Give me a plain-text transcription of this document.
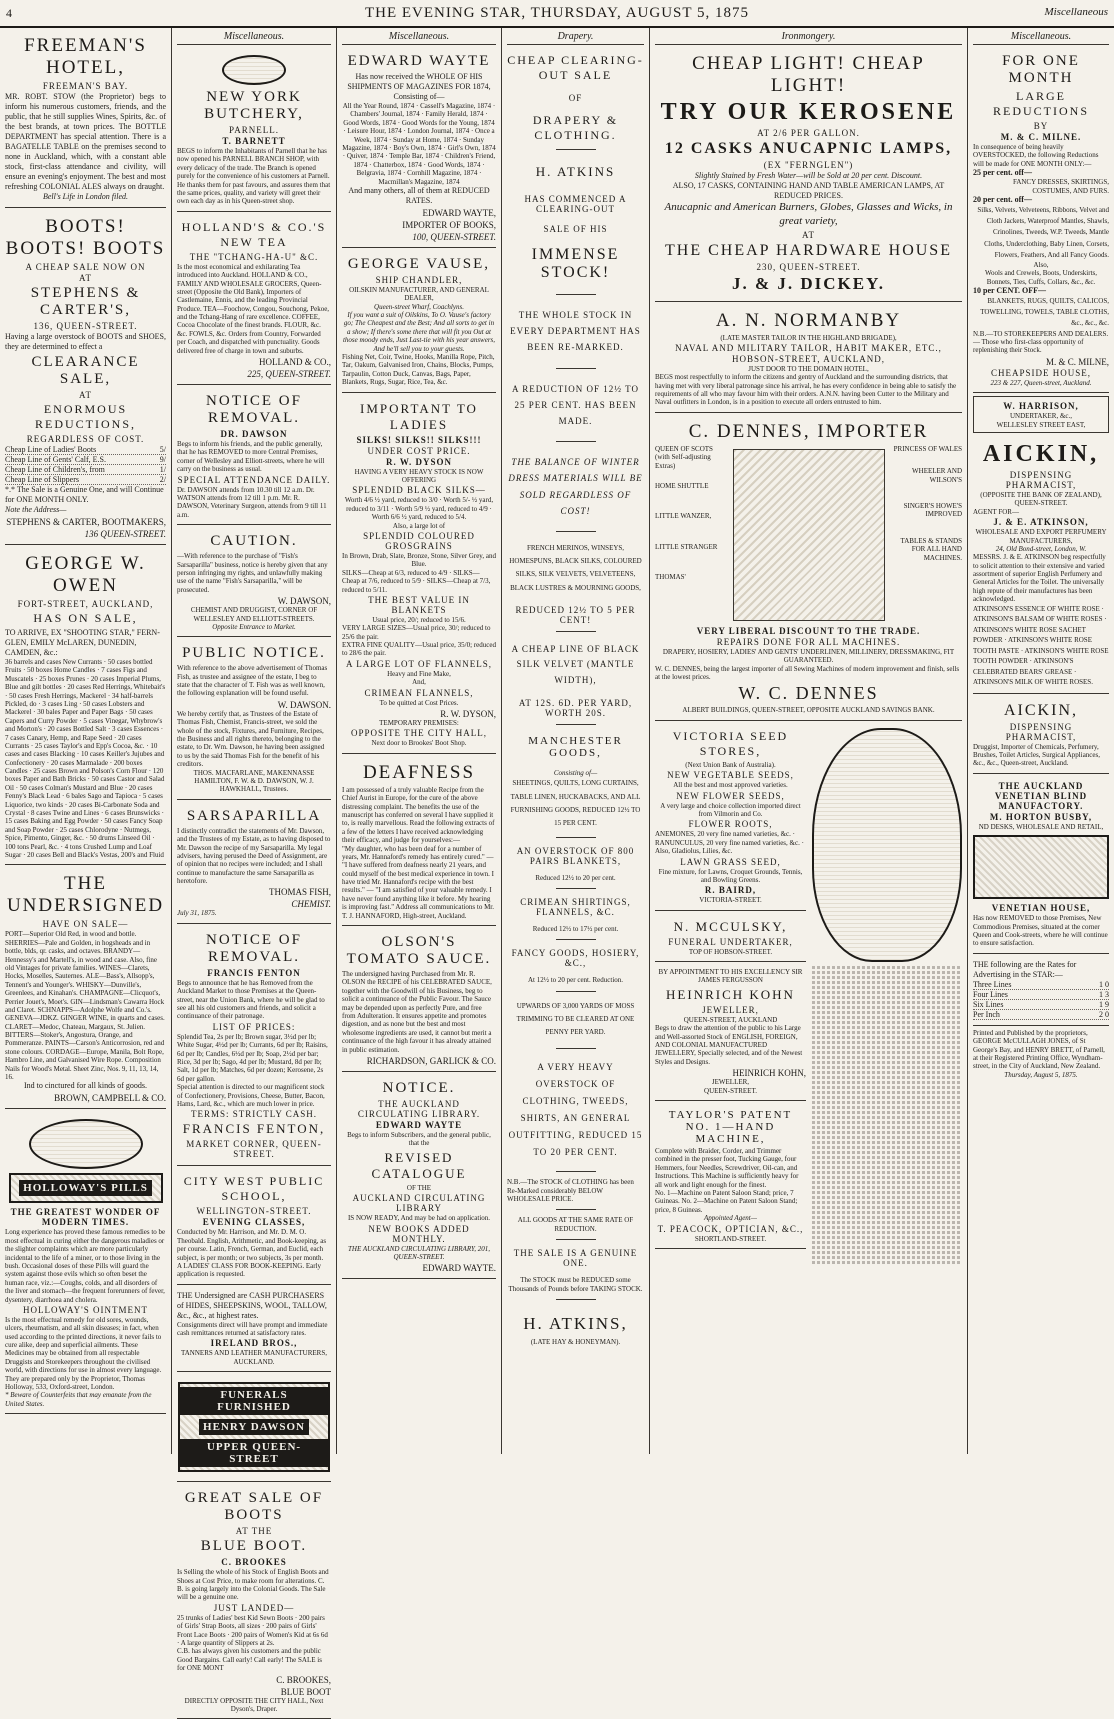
4	THE EVENING STAR, THURSDAY, AUGUST 5, 1875	Miscellaneous
FREEMAN'S HOTEL,
FREEMAN'S BAY.
MR. ROBT. STOW (the Proprietor) begs to inform his numerous customers, friends, and the public, that he still supplies Wines, Spirits, &c. of the best brands, at town prices. The BOTTLE DEPARTMENT has special attention. There is a BAGATELLE TABLE on the premises second to none in Auckland, which, with a constant able stock, first-class attendance and civility, will ensure an evening's enjoyment. The best and most refreshing COLONIAL ALES always on draught.
Bell's Life in London filed.
BOOTS! BOOTS! BOOTS
A CHEAP SALE NOW ON
AT
STEPHENS & CARTER'S,
136, QUEEN-STREET.
Having a large overstock of BOOTS and SHOES, they are determined to effect a
CLEARANCE SALE,
AT
ENORMOUS REDUCTIONS,
REGARDLESS OF COST.
Cheap Line of Ladies' Boots	5/
Cheap Line of Gents' Calf, E.S.	9/
Cheap Line of Children's, from	1/
Cheap Line of Slippers	2/
*.* The Sale is a Genuine One, and will Continue for ONE MONTH ONLY.
Note the Address—
STEPHENS & CARTER, BOOTMAKERS,
136 QUEEN-STREET.
GEORGE W. OWEN
FORT-STREET, AUCKLAND,
HAS ON SALE,
TO ARRIVE, EX "SHOOTING STAR," FERN-GLEN, EMILY McLAREN, DUNEDIN, CAMDEN, &c.:
36 barrels and cases New Currants · 50 cases bottled Fruits · 50 boxes Home Candles · 7 cases Figs and Muscatels · 25 boxes Prunes · 20 cases Imperial Plums, Blue and gilt bottles · 20 cases Red Herrings, Whitebait's · 50 cases Fresh Herrings, Mackerel · 34 half-barrels Pickled, do · 3 cases Ling · 50 cases Lobsters and Mackerel · 30 bales Paper and Paper Bags · 50 cases Capers and Curry Powder · 5 cases Vinegar, Whybrow's and Morton's · 20 cases Bottled Salt · 3 cases Essences · 7 cases Canary, Hemp, and Rape Seed · 20 cases Currants · 25 cases Taylor's and Epp's Cocoa, &c. · 10 cases and cases Blacking · 10 cases Keiller's Jujubes and Confectionery · 20 cases Marmalade · 200 boxes Candles · 25 cases Brown and Polson's Corn Flour · 120 boxes Paper and Bath Bricks · 50 cases Castor and Salad Oil · 50 cases Colman's Mustard and Blue · 20 cases Fenny's Black Lead · 6 bales Sago and Tapioca · 5 cases Liquorice, two kinds · 20 cases Bi-Carbonate Soda and Crystal · 8 cases Twine and Lines · 6 cases Brunswicks · 15 cases Baking and Egg Powder · 50 cases Fancy Soap and Soap Powder · 25 cases Chlorodyne · Nutmegs, Spice, Pimento, Ginger, &c. · 50 drums Linseed Oil · 100 tons Pearl, &c. · 4 tons Crushed Lump and Loaf Sugar · 20 cases Bell and Black's Vestas, 200's and Fluid
THE UNDERSIGNED
HAVE ON SALE—
PORT—Superior Old Red, in wood and bottle. SHERRIES—Pale and Golden, in hogsheads and in bottle, blds, qr. casks, and octaves. BRANDY—Hennessy's and Martell's, in wood and case. Also, fine old Vintages for private families. WINES—Clarets, Hocks, Moselles, Sauternes. ALE—Bass's, Allsopp's, Tennent's and Younger's. WHISKY—Dunville's, Greenlees, and Kinahan's. CHAMPAGNE—Clicquot's, Perrier Jouet's, Moet's. GIN—Lindsman's Cawarra Hock and Claret. SCHNAPPS—Adolphe Wolfe and Co.'s. GENEVA—JDKZ. GINGER WINE, in quarts and cases. CLARET—Medoc, Chateau, Margaux, St. Julien. BITTERS—Stoker's, Angostura, Orange, and Pommeranze. PAINTS—Carson's Anticorrosion, red and stone colours. CORDAGE—Europe, Manila, Bolt Rope, Hambro Line, and Galvanised Wire Rope. Composition Nails for Wood's Metal. Sheet Zinc, Nos. 9, 11, 13, 14, 16.
Ind to cinctured for all kinds of goods.
BROWN, CAMPBELL & CO.
HOLLOWAY'S PILLS
THE GREATEST WONDER OF MODERN TIMES.
Long experience has proved these famous remedies to be most effectual in curing either the dangerous maladies or the slighter complaints which are more particularly incidental to the life of a miner, or to those living in the bush. Occasional doses of these Pills will guard the system against those evils which so often beset the human race, viz.:—Coughs, colds, and all disorders of the liver and stomach—the frequent forerunners of fever, dysentery, diarrhoea and cholera.
HOLLOWAY'S OINTMENT
Is the most effectual remedy for old sores, wounds, ulcers, rheumatism, and all skin diseases; in fact, when used according to the printed directions, it never fails to cure alike, deep and superficial ailments. These Medicines may be obtained from all respectable Druggists and Storekeepers throughout the civilised world, with directions for use in almost every language. They are prepared only by the Proprietor, Thomas Holloway, 533, Oxford-street, London.
* Beware of Counterfeits that may emanate from the United States.
Miscellaneous.
NEW YORK BUTCHERY,
PARNELL.
T. BARNETT
BEGS to inform the Inhabitants of Parnell that he has now opened his PARNELL BRANCH SHOP, with every delicacy of the trade. The Branch is opened purely for the convenience of his customers at Parnell. He thanks them for past favours, and assures them that the same prices, quality, and variety will greet their own each day as in his Queen-street shop.
HOLLAND'S & CO.'S NEW TEA
THE "TCHANG-HA-U" &C.
Is the most economical and exhilarating Tea introduced into Auckland. HOLLAND & CO., FAMILY AND WHOLESALE GROCERS, Queen-street (Opposite the Old Bank), Importers of Castlemaine, Ennis, and the leading Provincial Produce. TEA—Foochow, Congou, Souchong, Pekoe, and the Tchang-Hang of rare excellence. COFFEE, Cocoa Chocolate of the finest brands. FLOUR, &c. &c. FOWLS, &c. Orders from Country, Forwarded per Coach, and dispatched with punctuality. Goods delivered free of charge in town and suburbs.
HOLLAND & CO.,
225, QUEEN-STREET.
NOTICE OF REMOVAL.
DR. DAWSON
Begs to inform his friends, and the public generally, that he has REMOVED to more Central Premises, corner of Wellesley and Elliott-streets, where he will carry on the business as usual.
SPECIAL ATTENDANCE DAILY.
Dr. DAWSON attends from 10.30 till 12 a.m. Dr. WATSON attends from 12 till 1 p.m. Mr. R. DAWSON, Veterinary Surgeon, attends from 9 till 11 a.m.
CAUTION.
—With reference to the purchase of "Fish's Sarsaparilla" business, notice is hereby given that any person infringing my rights, and unlawfully making use of the name "Fish's Sarsaparilla," will be prosecuted.
W. DAWSON,
CHEMIST AND DRUGGIST, CORNER OF WELLESLEY AND ELLIOTT-STREETS.
Opposite Entrance to Market.
PUBLIC NOTICE.
With reference to the above advertisement of Thomas Fish, as trustee and assignee of the estate, I beg to state that the character of T. Fish was as well known, the following explanation will be found useful.
W. DAWSON.
We hereby certify that, as Trustees of the Estate of Thomas Fish, Chemist, Francis-street, we sold the whole of the stock, Fixtures, and Furniture, Recipes, the Business and all rights thereto, belonging to the estate, to Dr. Wm. Dawson, he having been assigned to us by the said Thomas Fish for the benefit of his creditors.
THOS. MACFARLANE, MAKENNASSE HAMILTON, F. W. & D. DAWSON, W. J. HAWKHALL, Trustees.
SARSAPARILLA
I distinctly contradict the statements of Mr. Dawson, and the Trustees of my Estate, as to having disposed to Mr. Dawson the recipe of my Sarsaparilla. My legal advisers, having perused the Deed of Assignment, are of opinion that no recipes were included; and I shall continue to manufacture the same Sarsaparilla as heretofore.
THOMAS FISH,
CHEMIST.
July 31, 1875.
NOTICE OF REMOVAL.
FRANCIS FENTON
Begs to announce that he has Removed from the Auckland Market to those Premises at the Queen-street, near the Union Bank, where he will be glad to see all his old customers and friends, and solicit a continuance of their patronage.
LIST OF PRICES:
Splendid Tea, 2s per lb; Brown sugar, 3½d per lb; White Sugar, 4½d per lb; Currants, 6d per lb; Raisins, 6d per lb; Candles, 6½d per lb; Soap, 2½d per bar; Rice, 3d per lb; Sago, 4d per lb; Mustard, 8d per lb; Salt, 1d per lb; Matches, 6d per dozen; Kerosene, 2s 6d per gallon.
Special attention is directed to our magnificent stock of Confectionery, Provisions, Cheese, Butter, Bacon, Hams, Lard, &c., which are much lower in price.
TERMS: STRICTLY CASH.
FRANCIS FENTON,
MARKET CORNER, QUEEN-STREET.
CITY WEST PUBLIC SCHOOL,
WELLINGTON-STREET.
EVENING CLASSES,
Conducted by Mr. Harrison, and Mr. D. M. O. Theobald. English, Arithmetic, and Book-keeping, as per course. Latin, French, German, and Euclid, each subject, is per month; or two subjects, 3s per month.
A LADIES' CLASS FOR BOOK-KEEPING. Early application is requested.
THE Undersigned are CASH PURCHASERS of HIDES, SHEEPSKINS, WOOL, TALLOW, &c., &c., at highest rates.
Consignments direct will have prompt and immediate cash remittances returned at satisfactory rates.
IRELAND BROS.,
TANNERS AND LEATHER MANUFACTURERS, AUCKLAND.
FUNERALS FURNISHED
HENRY DAWSON
UPPER QUEEN-STREET
GREAT SALE OF BOOTS
AT THE
BLUE BOOT.
C. BROOKES
Is Selling the whole of his Stock of English Boots and Shoes at Cost Price, to make room for alterations. C. B. is going largely into the Colonial Goods. The Sale will be a genuine one.
JUST LANDED—
25 trunks of Ladies' best Kid Sewn Boots · 200 pairs of Girls' Strap Boots, all sizes · 200 pairs of Girls' Front Lace Boots · 200 pairs of Women's Kid at 6s 6d · A large quantity of Slippers at 2s.
C.B. has always given his customers and the public Good Bargains. Call early! Call early! The SALE is for ONE MONT
C. BROOKES,
BLUE BOOT
DIRECTLY OPPOSITE THE CITY HALL, Next Dyson's, Draper.
Miscellaneous.
EDWARD WAYTE
Has now received the WHOLE OF HIS SHIPMENTS OF MAGAZINES FOR 1874, Consisting of—
All the Year Round, 1874 · Cassell's Magazine, 1874 · Chambers' Journal, 1874 · Family Herald, 1874 · Good Words, 1874 · Good Words for the Young, 1874 · Leisure Hour, 1874 · London Journal, 1874 · Once a Week, 1874 · Sunday at Home, 1874 · Sunday Magazine, 1874 · Boy's Own, 1874 · Girl's Own, 1874 · Quiver, 1874 · Temple Bar, 1874 · Children's Friend, 1874 · Chatterbox, 1874 · Good Words, 1874 · Belgravia, 1874 · Cornhill Magazine, 1874 · Macmillan's Magazine, 1874
And many others, all of them at REDUCED RATES.
EDWARD WAYTE,
IMPORTER OF BOOKS,
100, QUEEN-STREET.
GEORGE VAUSE,
SHIP CHANDLER,
OILSKIN MANUFACTURER, AND GENERAL DEALER,
Queen-street Wharf, Coachlyns.
If you want a suit of Oilskins, To O. Vause's factory go; The Cheapest and the Best; And all sorts to get in a show; If there's some there that will fit you Out at those moody ends, Just Last-tie with his year answers, And he'll sell you to your guests.
Fishing Net, Coir, Twine, Hooks, Manilla Rope, Pitch, Tar, Oakum, Galvanised Iron, Chains, Blocks, Pumps, Tarpaulin, Cotton Duck, Canvas, Bags, Paper, Blankets, Rugs, Sugar, Rice, Tea, &c.
IMPORTANT TO LADIES
SILKS! SILKS!! SILKS!!!
UNDER COST PRICE.
R. W. DYSON
HAVING A VERY HEAVY STOCK IS NOW OFFERING
SPLENDID BLACK SILKS—
Worth 4/6 ½ yard, reduced to 3/0 · Worth 5/- ½ yard, reduced to 3/11 · Worth 5/9 ½ yard, reduced to 4/9 · Worth 6/6 ½ yard, reduced to 5/4.
Also, a large lot of
SPLENDID COLOURED GROSGRAINS
In Brown, Drab, Slate, Bronze, Stone, Silver Grey, and Blue.
SILKS—Cheap at 6/3, reduced to 4/9 · SILKS—Cheap at 7/6, reduced to 5/9 · SILKS—Cheap at 7/3, reduced to 5/11.
THE BEST VALUE IN BLANKETS
Usual price, 20/; reduced to 15/6.
VERY LARGE SIZES—Usual price, 30/; reduced to 25/6 the pair.
EXTRA FINE QUALITY—Usual price, 35/0; reduced to 28/6 the pair.
A LARGE LOT OF FLANNELS,
Heavy and Fine Make,
And,
CRIMEAN FLANNELS,
To be quitted at Cost Prices.
R. W. DYSON,
TEMPORARY PREMISES:
OPPOSITE THE CITY HALL,
Next door to Brookes' Boot Shop.
DEAFNESS
I am possessed of a truly valuable Recipe from the Chief Aurist in Europe, for the cure of the above distressing complaint. The benefits the use of the manuscript has conferred on several I have supplied it to, is really marvellous. Read the following extracts of a few of the letters I have received acknowledging their efficacy, and judge for yourselves:—
"My daughter, who has been deaf for a number of years, Mr. Hannaford's remedy has entirely cured." — "I have suffered from deafness nearly 21 years, and could myself of the best medical experience in town. I have tried Mr. Hannaford's recipe with the best results." — "I am satisfied of your valuable remedy. I have never found anything like it before. My hearing is improving fast." Address all communications to Mr. T. J. HANNAFORD, High-street, Auckland.
OLSON'S TOMATO SAUCE.
The undersigned having Purchased from Mr. R. OLSON the RECIPE of his CELEBRATED SAUCE, together with the Goodwill of his Business, beg to solicit a continuance of the Public Favour. The Sauce may be depended upon as perfectly Pure, and free from Adulteration. It ensures appetite and promotes digestion, and as none but the best and most wholesome ingredients are used, it cannot but merit a continuance of the high favour it has already attained in public estimation.
RICHARDSON, GARLICK & CO.
NOTICE.
THE AUCKLAND CIRCULATING LIBRARY.
EDWARD WAYTE
Begs to inform Subscribers, and the general public, that the
REVISED CATALOGUE
OF THE
AUCKLAND CIRCULATING LIBRARY
IS NOW READY, And may be had on application.
NEW BOOKS ADDED MONTHLY.
THE AUCKLAND CIRCULATING LIBRARY, 201, QUEEN-STREET.
EDWARD WAYTE.
Drapery.
CHEAP CLEARING-OUT SALE
OF
DRAPERY & CLOTHING.
H. ATKINS
HAS COMMENCED A CLEARING-OUT
SALE OF HIS
IMMENSE STOCK!
THE WHOLE STOCK IN EVERY DEPARTMENT HAS BEEN RE-MARKED.
A REDUCTION OF 12½ TO 25 PER CENT. HAS BEEN MADE.
THE BALANCE OF WINTER DRESS MATERIALS WILL BE SOLD REGARDLESS OF COST!
FRENCH MERINOS, WINSEYS, HOMESPUNS, BLACK SILKS, COLOURED SILKS, SILK VELVETS, VELVETEENS, BLACK LUSTRES & MOURNING GOODS,
REDUCED 12½ TO 5 PER CENT!
A CHEAP LINE OF BLACK SILK VELVET (MANTLE WIDTH),
AT 12S. 6D. PER YARD, WORTH 20S.
MANCHESTER GOODS,
Consisting of—
SHEETINGS, QUILTS, LONG CURTAINS, TABLE LINEN, HUCKABACKS, AND ALL FURNISHING GOODS, REDUCED 12½ TO 15 PER CENT.
AN OVERSTOCK OF 800 PAIRS BLANKETS,
Reduced 12½ to 20 per cent.
CRIMEAN SHIRTINGS, FLANNELS, &C.
Reduced 12½ to 17½ per cent.
FANCY GOODS, HOSIERY, &C.,
At 12½ to 20 per cent. Reduction.
UPWARDS OF 3,000 YARDS OF MOSS TRIMMING TO BE CLEARED AT ONE PENNY PER YARD.
A VERY HEAVY OVERSTOCK OF CLOTHING, TWEEDS, SHIRTS, AN GENERAL OUTFITTING, REDUCED 15 TO 20 PER CENT.
N.B.—The STOCK of CLOTHING has been Re-Marked considerably BELOW WHOLESALE PRICE.
ALL GOODS AT THE SAME RATE OF REDUCTION.
THE SALE IS A GENUINE ONE.
The STOCK must be REDUCED some Thousands of Pounds before TAKING STOCK.
H. ATKINS,
(LATE HAY & HONEYMAN).
Ironmongery.
CHEAP LIGHT! CHEAP LIGHT!
TRY OUR KEROSENE
AT 2/6 PER GALLON.
12 CASKS ANUCAPNIC LAMPS,
(EX "FERNGLEN")
Slightly Stained by Fresh Water—will be Sold at 20 per cent. Discount.
ALSO, 17 CASKS, CONTAINING HAND AND TABLE AMERICAN LAMPS, AT REDUCED PRICES.
Anucapnic and American Burners, Globes, Glasses and Wicks, in great variety,
AT
THE CHEAP HARDWARE HOUSE
230, QUEEN-STREET.
J. & J. DICKEY.
A. N. NORMANBY
(LATE MASTER TAILOR IN THE HIGHLAND BRIGADE),
NAVAL AND MILITARY TAILOR, HABIT MAKER, ETC.,
HOBSON-STREET, AUCKLAND,
JUST DOOR TO THE DOMAIN HOTEL,
BEGS most respectfully to inform the citizens and gentry of Auckland and the surrounding districts, that having met with very liberal patronage since his arrival, he has every confidence in being able to satisfy the requirements of all who may favour him with their orders. A.N.N. having been Cutter to the Military and Naval outfitters in London, is in a position to execute all orders entrusted to him.
C. DENNES, IMPORTER
QUEEN OF SCOTS (with Self-adjusting Extras)
HOME SHUTTLE
LITTLE WANZER,
LITTLE STRANGER
THOMAS'
PRINCESS OF WALES
WHEELER AND WILSON'S
SINGER'S HOWE'S IMPROVED
TABLES & STANDS FOR ALL HAND MACHINES.
VERY LIBERAL DISCOUNT TO THE TRADE.
REPAIRS DONE FOR ALL MACHINES.
DRAPERY, HOSIERY, LADIES' AND GENTS' UNDERLINEN, MILLINERY, DRESSMAKING, FIT GUARANTEED.
W. C. DENNES, being the largest importer of all Sewing Machines of modern improvement and finish, sells at the lowest prices.
W. C. DENNES
ALBERT BUILDINGS, QUEEN-STREET, OPPOSITE AUCKLAND SAVINGS BANK.
VICTORIA SEED STORES,
(Next Union Bank of Australia).
NEW VEGETABLE SEEDS,
All the best and most approved varieties.
NEW FLOWER SEEDS,
A very large and choice collection imported direct from Vilmorin and Co.
FLOWER ROOTS,
ANEMONES, 20 very fine named varieties, &c. · RANUNCULUS, 20 very fine named varieties, &c. · Also, Gladiolus, Lilies, &c.
LAWN GRASS SEED,
Fine mixture, for Lawns, Croquet Grounds, Tennis, and Bowling Greens.
R. BAIRD,
VICTORIA-STREET.
N. MCCULSKY,
FUNERAL UNDERTAKER,
TOP OF HOBSON-STREET.
BY APPOINTMENT TO HIS EXCELLENCY SIR JAMES FERGUSSON
HEINRICH KOHN
JEWELLER,
QUEEN-STREET, AUCKLAND
Begs to draw the attention of the public to his Large and Well-assorted Stock of ENGLISH, FOREIGN, AND COLONIAL MANUFACTURED JEWELLERY, Specially selected, and of the Newest Styles and Designs.
HEINRICH KOHN,
JEWELLER,
QUEEN-STREET.
TAYLOR'S PATENT NO. 1—HAND MACHINE,
Complete with Braider, Corder, and Trimmer combined in the presser foot, Tucking Gauge, four Hemmers, four Needles, Screwdriver, Oil-can, and Instructions. This Machine is sufficiently heavy for all work and light enough for the finest.
No. 1—Machine on Patent Saloon Stand; price, 7 Guineas. No. 2—Machine on Patent Saloon Stand; price, 8 Guineas.
Appointed Agent—
T. PEACOCK, OPTICIAN, &C.,
SHORTLAND-STREET.
Miscellaneous.
FOR ONE MONTH
LARGE REDUCTIONS
BY
M. & C. MILNE.
In consequence of being heavily OVERSTOCKED, the following Reductions will be made for ONE MONTH ONLY:—
25 per cent. off—
FANCY DRESSES, SKIRTINGS, COSTUMES, AND FURS.
20 per cent. off—
Silks, Velvets, Velveteens, Ribbons, Velvet and Cloth Jackets, Waterproof Mantles, Shawls, Crinolines, Tweeds, W.P. Tweeds, Mantle Cloths, Underclothing, Baby Linen, Corsets, Flowers, Feathers, And all Fancy Goods.
Also,
Wools and Crewels, Boots, Underskirts, Bonnets, Ties, Cuffs, Collars, &c., &c.
10 per CENT. OFF—
BLANKETS, RUGS, QUILTS, CALICOS, TOWELLING, TOWELS, TABLE CLOTHS, &c., &c., &c.
N.B.—TO STOREKEEPERS AND DEALERS.— Those who first-class opportunity of replenishing their Stock.
M. & C. MILNE,
CHEAPSIDE HOUSE,
223 & 227, Queen-street, Auckland.
W. HARRISON,
UNDERTAKER, &c.,
WELLESLEY STREET EAST,
AICKIN,
DISPENSING PHARMACIST,
(OPPOSITE THE BANK OF ZEALAND), QUEEN-STREET.
AGENT FOR—
J. & E. ATKINSON,
WHOLESALE AND EXPORT PERFUMERY MANUFACTURERS,
24, Old Bond-street, London, W.
MESSRS. J. & E. ATKINSON beg respectfully to solicit attention to their extensive and varied assortment of superior English Perfumery and General Articles for the Toilet. The universally high repute of their manufactures has been acknowledged.
ATKINSON'S ESSENCE OF WHITE ROSE · ATKINSON'S BALSAM OF WHITE ROSES · ATKINSON'S WHITE ROSE SACHET POWDER · ATKINSON'S WHITE ROSE TOOTH PASTE · ATKINSON'S WHITE ROSE TOOTH POWDER · ATKINSON'S CELEBRATED BEARS' GREASE · ATKINSON'S MILK OF WHITE ROSES.
AICKIN,
DISPENSING PHARMACIST,
Druggist, Importer of Chemicals, Perfumery, Brushes, Toilet Articles, Surgical Appliances, &c., &c., Queen-street, Auckland.
THE AUCKLAND VENETIAN BLIND MANUFACTORY.
M. HORTON BUSBY,
ND DESKS, WHOLESALE AND RETAIL,
VENETIAN HOUSE,
Has now REMOVED to those Premises, New Commodious Premises, situated at the corner Queen and Cook-streets, where he will continue to ensure satisfaction.
THE following are the Rates for Advertising in the STAR:—
Three Lines	1 0
Four Lines	1 3
Six Lines	1 9
Per Inch	2 0
Printed and Published by the proprietors, GEORGE McCULLAGH JONES, of St George's Bay, and HENRY BRETT, of Parnell, at their Registered Printing Office, Wyndham-street, in the City of Auckland, New Zealand.
Thursday, August 5, 1875.
